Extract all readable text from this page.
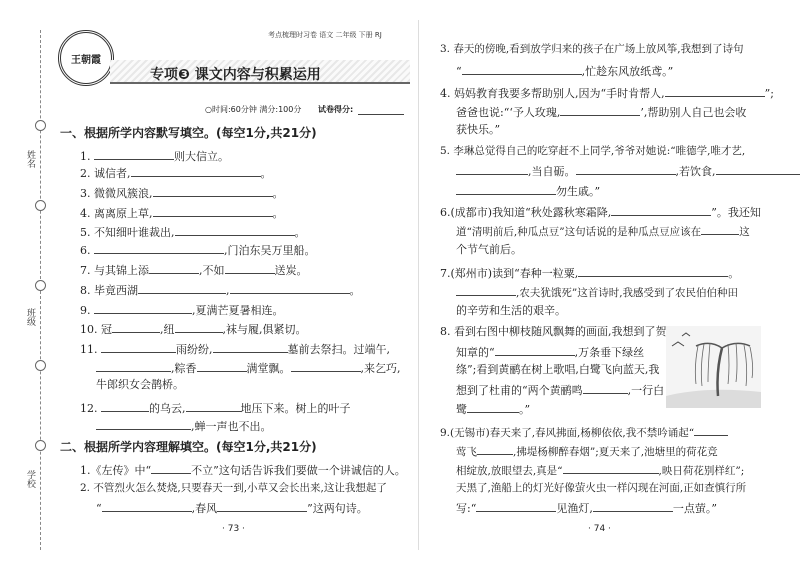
姓名
班级
学校
王朝霞
考点梳理时习卷 语文 二年级 下册 RJ
专项❸ 课文内容与积累运用
○时间:60分钟 满分:100分 试卷得分:
一、根据所学内容默写填空。(每空1分,共21分)
1.	则大信立。
2. 诚信者,	。
3. 微微风簇浪,	。
4. 离离原上草,	。
5. 不知细叶谁裁出,	。
6.	,门泊东吴万里船。
7. 与其锦上添	,不如	送炭。
8. 毕竟西湖	,	。
9.	,夏满芒夏暑相连。
10. 冠	,纽	,袜与履,俱紧切。
11.	雨纷纷,	墓前去祭扫。过端午,
,粽香	满堂飘。	,来乞巧,
牛郎织女会鹊桥。
12.	的乌云,	地压下来。树上的叶子
,蝉一声也不出。
二、根据所学内容理解填空。(每空1分,共21分)
1.《左传》中“	不立”这句话告诉我们要做一个讲诚信的人。
2. 不管烈火怎么焚烧,只要春天一到,小草又会长出来,这让我想起了
“	,春风	”这两句诗。
· 73 ·
3. 春天的傍晚,看到放学归来的孩子在广场上放风筝,我想到了诗句
“	,忙趁东风放纸鸢。”
4. 妈妈教育我要多帮助别人,因为“手时肯帮人,	”;
爸爸也说:“‘予人玫瑰,	’,帮助别人自己也会收
获快乐。”
5. 李琳总觉得自己的吃穿赶不上同学,爷爷对她说:“唯德学,唯才艺,
,当自砺。	,若饮食,
勿生戚。”
6.(成都市)我知道“秋处露秋寒霜降,	”。我还知
道“清明前后,种瓜点豆”这句话说的是种瓜点豆应该在	这
个节气前后。
7.(郑州市)读到“春种一粒粟,	。
,农夫犹饿死”这首诗时,我感受到了农民伯伯种田
的辛劳和生活的艰辛。
8. 看到右图中柳枝随风飘舞的画面,我想到了贺
知章的“	,万条垂下绿丝
绦”;看到黄鹂在树上歌唱,白鹭飞向蓝天,我
想到了杜甫的“两个黄鹂鸣	,一行白
鹭	。”
9.(无锡市)春天来了,春风拂面,杨柳依依,我不禁吟诵起“
莺飞	,拂堤杨柳醉春烟”;夏天来了,池塘里的荷花竞
相绽放,放眼望去,真是“	,映日荷花别样红”;
天黑了,渔船上的灯光好像萤火虫一样闪现在河面,正如查慎行所
写:“	见渔灯,	一点萤。”
· 74 ·
